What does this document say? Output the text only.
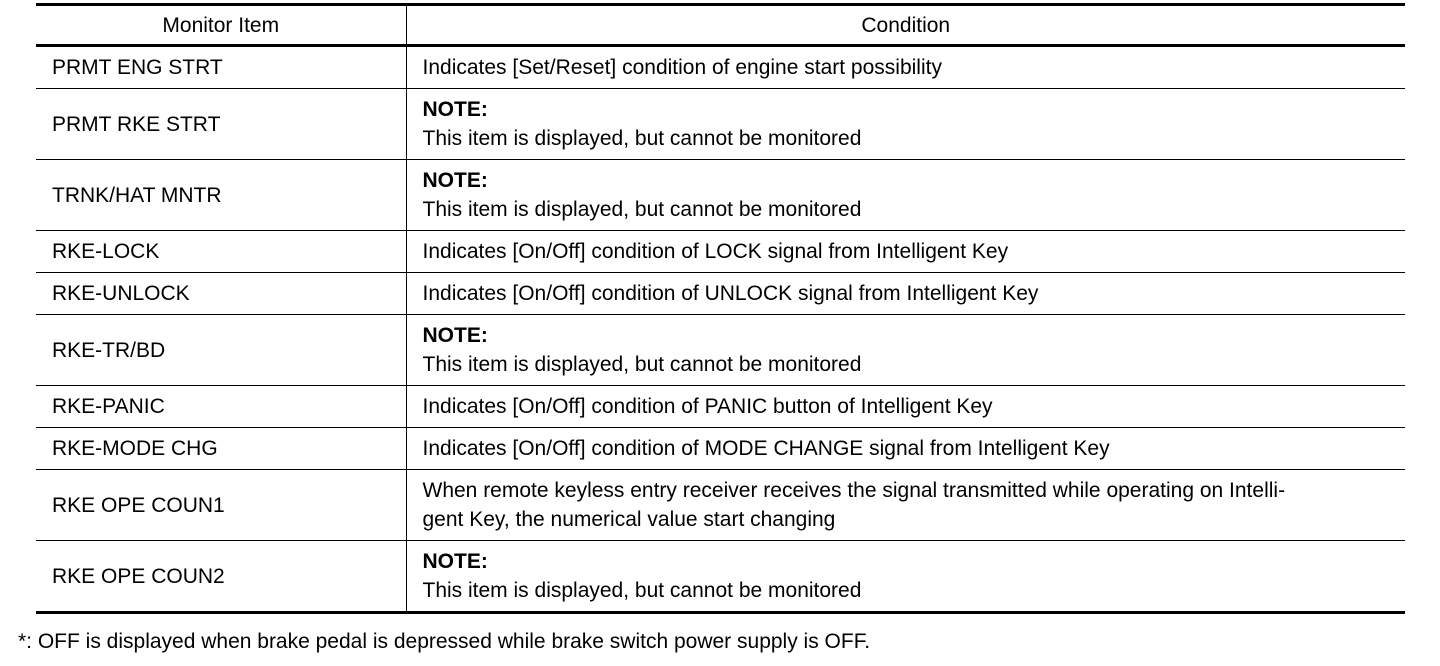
Monitor Item	Condition
PRMT ENG STRT	Indicates [Set/Reset] condition of engine start possibility
PRMT RKE STRT	NOTE:
This item is displayed, but cannot be monitored

TRNK/HAT MNTR	NOTE:
This item is displayed, but cannot be monitored

RKE-LOCK	Indicates [On/Off] condition of LOCK signal from Intelligent Key
RKE-UNLOCK	Indicates [On/Off] condition of UNLOCK signal from Intelligent Key
RKE-TR/BD	NOTE:
This item is displayed, but cannot be monitored

RKE-PANIC	Indicates [On/Off] condition of PANIC button of Intelligent Key
RKE-MODE CHG	Indicates [On/Off] condition of MODE CHANGE signal from Intelligent Key
RKE OPE COUN1	When remote keyless entry receiver receives the signal transmitted while operating on Intelli-
gent Key, the numerical value start changing

RKE OPE COUN2	NOTE:
This item is displayed, but cannot be monitored
*: OFF is displayed when brake pedal is depressed while brake switch power supply is OFF.
